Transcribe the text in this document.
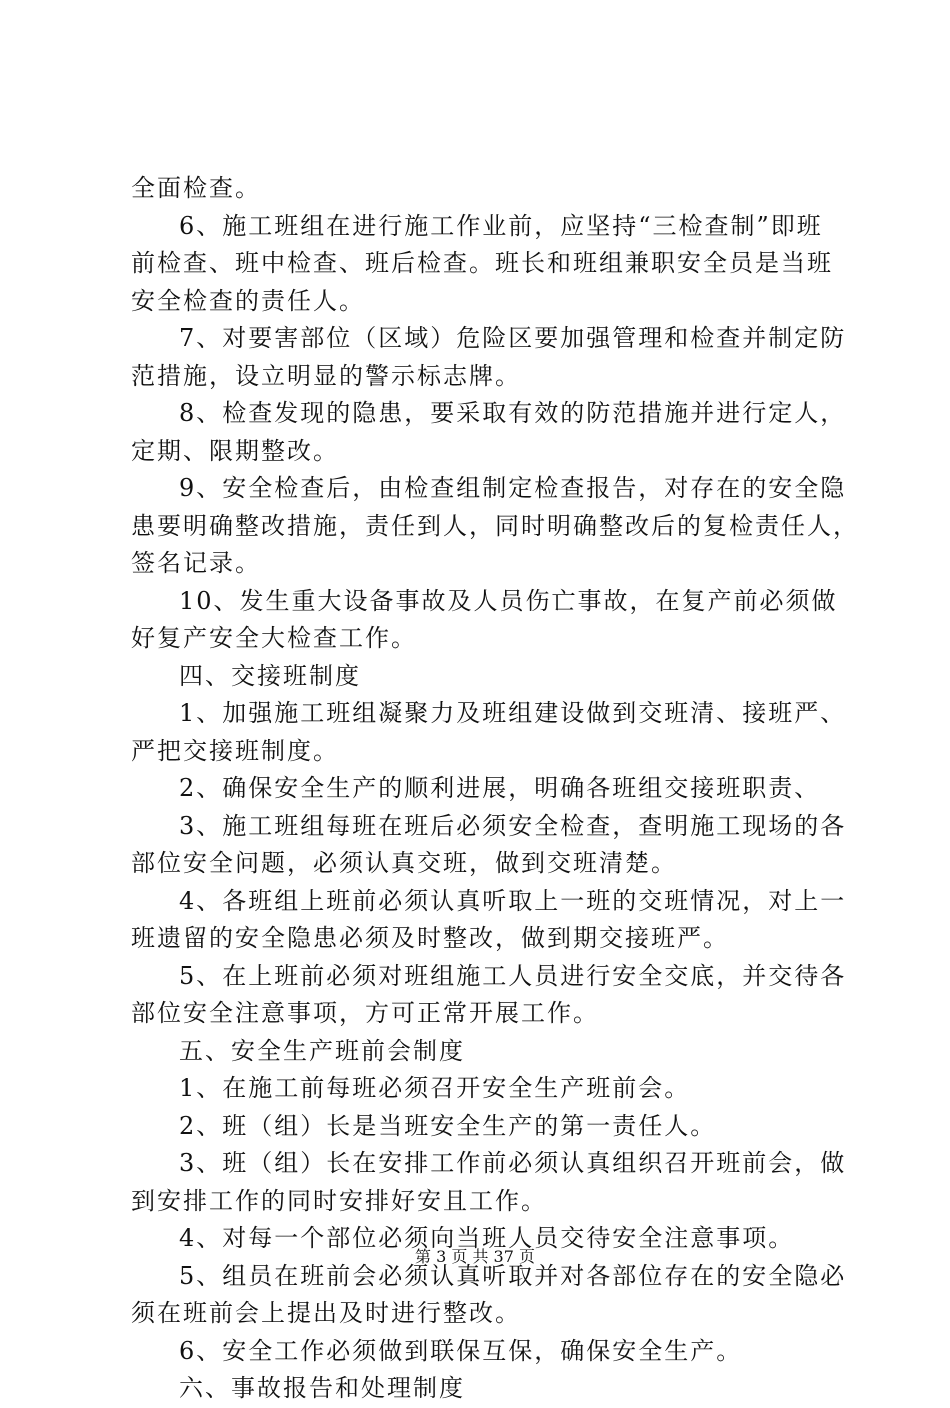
全面检查。
6、施工班组在进行施工作业前，应坚持“三检查制”即班
前检查、班中检查、班后检查。班长和班组兼职安全员是当班
安全检查的责任人。
7、对要害部位（区域）危险区要加强管理和检查并制定防
范措施，设立明显的警示标志牌。
8、检查发现的隐患，要采取有效的防范措施并进行定人，
定期、限期整改。
9、安全检查后，由检查组制定检查报告，对存在的安全隐
患要明确整改措施，责任到人，同时明确整改后的复检责任人，
签名记录。
10、发生重大设备事故及人员伤亡事故，在复产前必须做
好复产安全大检查工作。
四、交接班制度
1、加强施工班组凝聚力及班组建设做到交班清、接班严、
严把交接班制度。
2、确保安全生产的顺利进展，明确各班组交接班职责、
3、施工班组每班在班后必须安全检查，查明施工现场的各
部位安全问题，必须认真交班，做到交班清楚。
4、各班组上班前必须认真听取上一班的交班情况，对上一
班遗留的安全隐患必须及时整改，做到期交接班严。
5、在上班前必须对班组施工人员进行安全交底，并交待各
部位安全注意事项，方可正常开展工作。
五、安全生产班前会制度
1、在施工前每班必须召开安全生产班前会。
2、班（组）长是当班安全生产的第一责任人。
3、班（组）长在安排工作前必须认真组织召开班前会，做
到安排工作的同时安排好安且工作。
4、对每一个部位必须向当班人员交待安全注意事项。
5、组员在班前会必须认真听取并对各部位存在的安全隐必
须在班前会上提出及时进行整改。
6、安全工作必须做到联保互保，确保安全生产。
六、事故报告和处理制度
第 3 页 共 37 页
